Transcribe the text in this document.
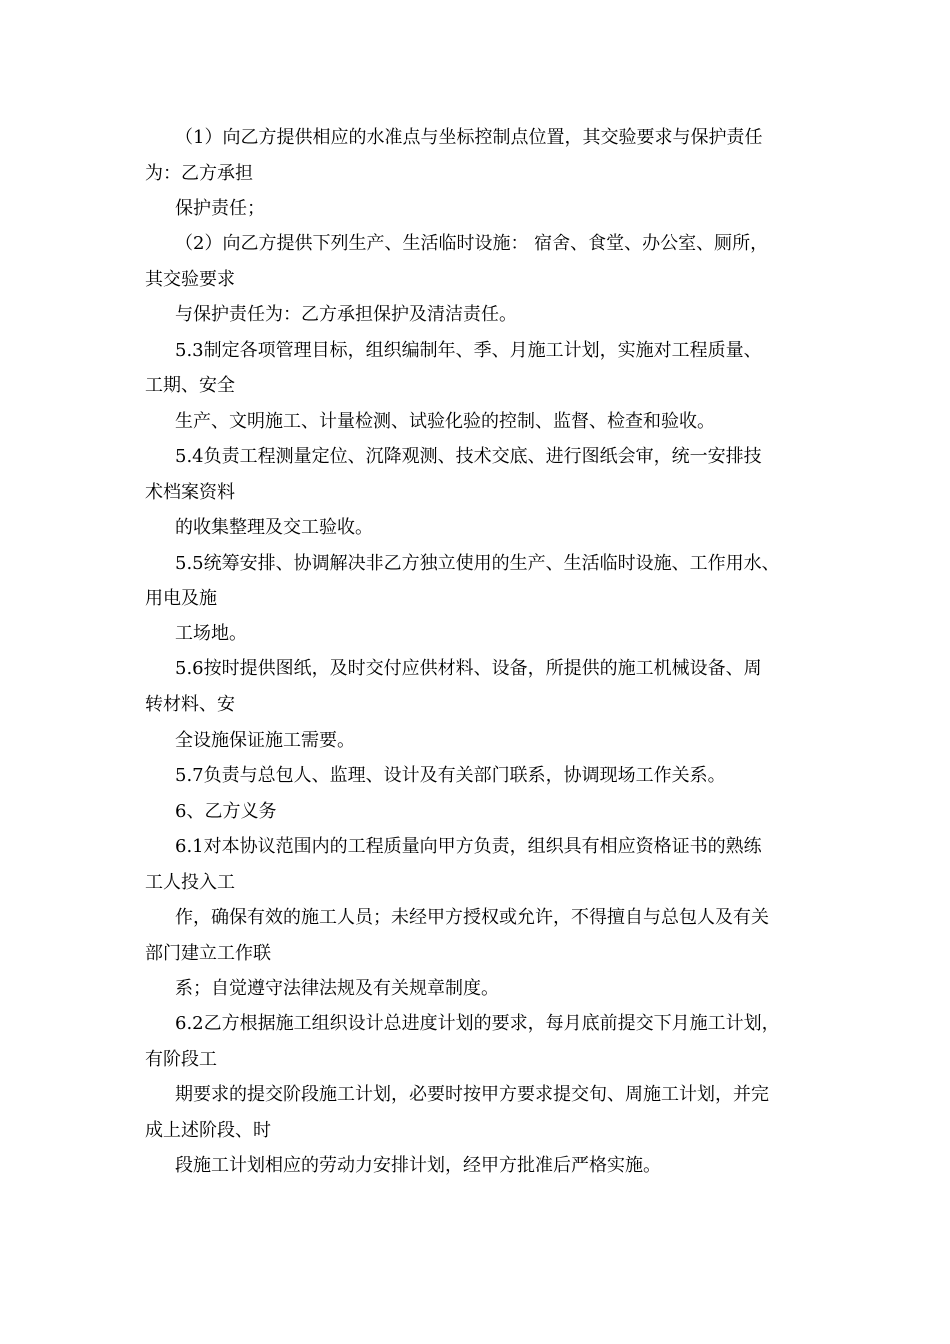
（1）向乙方提供相应的水准点与坐标控制点位置，其交验要求与保护责任
为：乙方承担
保护责任；
（2）向乙方提供下列生产、生活临时设施： 宿舍、食堂、办公室、厕所，
其交验要求
与保护责任为：乙方承担保护及清洁责任。
5.3制定各项管理目标，组织编制年、季、月施工计划，实施对工程质量、
工期、安全
生产、文明施工、计量检测、试验化验的控制、监督、检查和验收。
5.4负责工程测量定位、沉降观测、技术交底、进行图纸会审，统一安排技
术档案资料
的收集整理及交工验收。
5.5统筹安排、协调解决非乙方独立使用的生产、生活临时设施、工作用水、
用电及施
工场地。
5.6按时提供图纸，及时交付应供材料、设备，所提供的施工机械设备、周
转材料、安
全设施保证施工需要。
5.7负责与总包人、监理、设计及有关部门联系，协调现场工作关系。
6、乙方义务
6.1对本协议范围内的工程质量向甲方负责，组织具有相应资格证书的熟练
工人投入工
作，确保有效的施工人员；未经甲方授权或允许，不得擅自与总包人及有关
部门建立工作联
系；自觉遵守法律法规及有关规章制度。
6.2乙方根据施工组织设计总进度计划的要求，每月底前提交下月施工计划，
有阶段工
期要求的提交阶段施工计划，必要时按甲方要求提交旬、周施工计划，并完
成上述阶段、时
段施工计划相应的劳动力安排计划，经甲方批准后严格实施。
